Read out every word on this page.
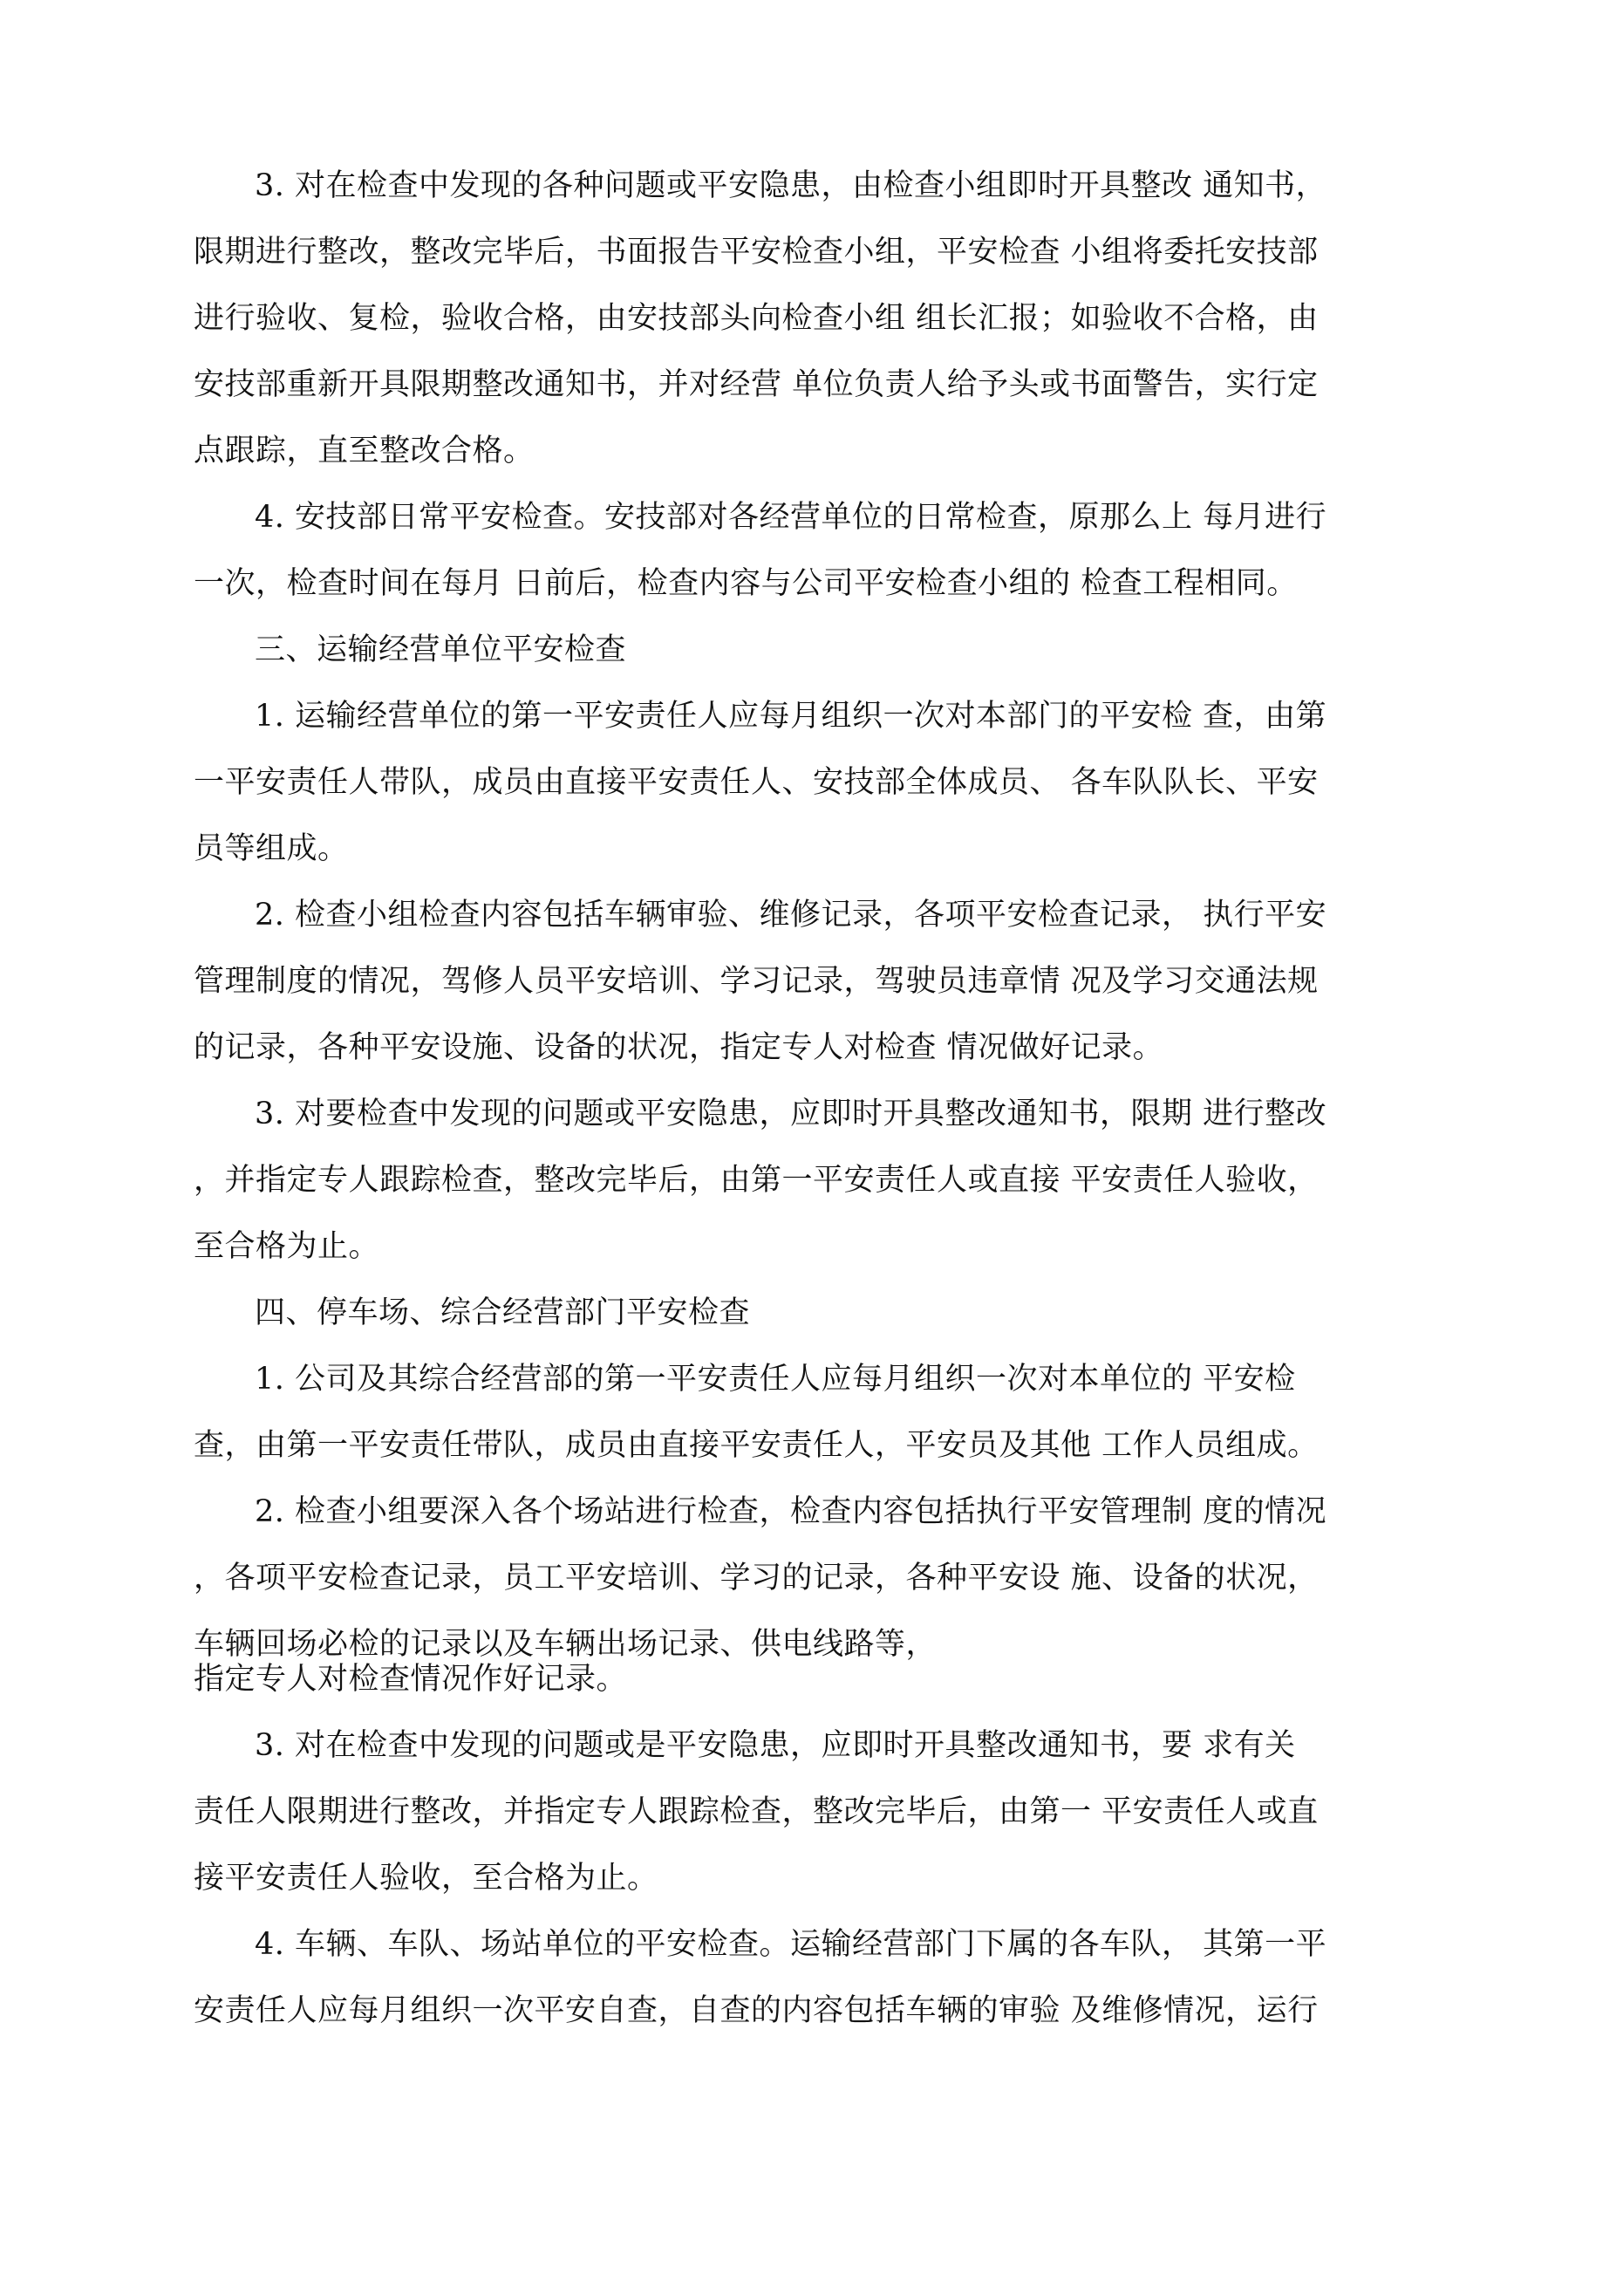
3. 对在检查中发现的各种问题或平安隐患，由检查小组即时开具整改 通知书，
限期进行整改，整改完毕后，书面报告平安检查小组，平安检查 小组将委托安技部
进行验收、复检，验收合格，由安技部头向检查小组 组长汇报；如验收不合格，由
安技部重新开具限期整改通知书，并对经营 单位负责人给予头或书面警告，实行定
点跟踪，直至整改合格。
4. 安技部日常平安检查。安技部对各经营单位的日常检查，原那么上 每月进行
一次，检查时间在每月 日前后，检查内容与公司平安检查小组的 检查工程相同。
三、运输经营单位平安检查
1. 运输经营单位的第一平安责任人应每月组织一次对本部门的平安检 查，由第
一平安责任人带队，成员由直接平安责任人、安技部全体成员、 各车队队长、平安
员等组成。
2. 检查小组检查内容包括车辆审验、维修记录，各项平安检查记录， 执行平安
管理制度的情况，驾修人员平安培训、学习记录，驾驶员违章情 况及学习交通法规
的记录，各种平安设施、设备的状况，指定专人对检查 情况做好记录。
3. 对要检查中发现的问题或平安隐患，应即时开具整改通知书，限期 进行整改
，并指定专人跟踪检查，整改完毕后，由第一平安责任人或直接 平安责任人验收，
至合格为止。
四、停车场、综合经营部门平安检查
1. 公司及其综合经营部的第一平安责任人应每月组织一次对本单位的 平安检
查，由第一平安责任带队，成员由直接平安责任人，平安员及其他 工作人员组成。
2. 检查小组要深入各个场站进行检查，检查内容包括执行平安管理制 度的情况
，各项平安检查记录，员工平安培训、学习的记录，各种平安设 施、设备的状况，
车辆回场必检的记录以及车辆出场记录、供电线路等，
指定专人对检查情况作好记录。
3. 对在检查中发现的问题或是平安隐患，应即时开具整改通知书，要 求有关
责任人限期进行整改，并指定专人跟踪检查，整改完毕后，由第一 平安责任人或直
接平安责任人验收，至合格为止。
4. 车辆、车队、场站单位的平安检查。运输经营部门下属的各车队， 其第一平
安责任人应每月组织一次平安自查，自查的内容包括车辆的审验 及维修情况，运行
